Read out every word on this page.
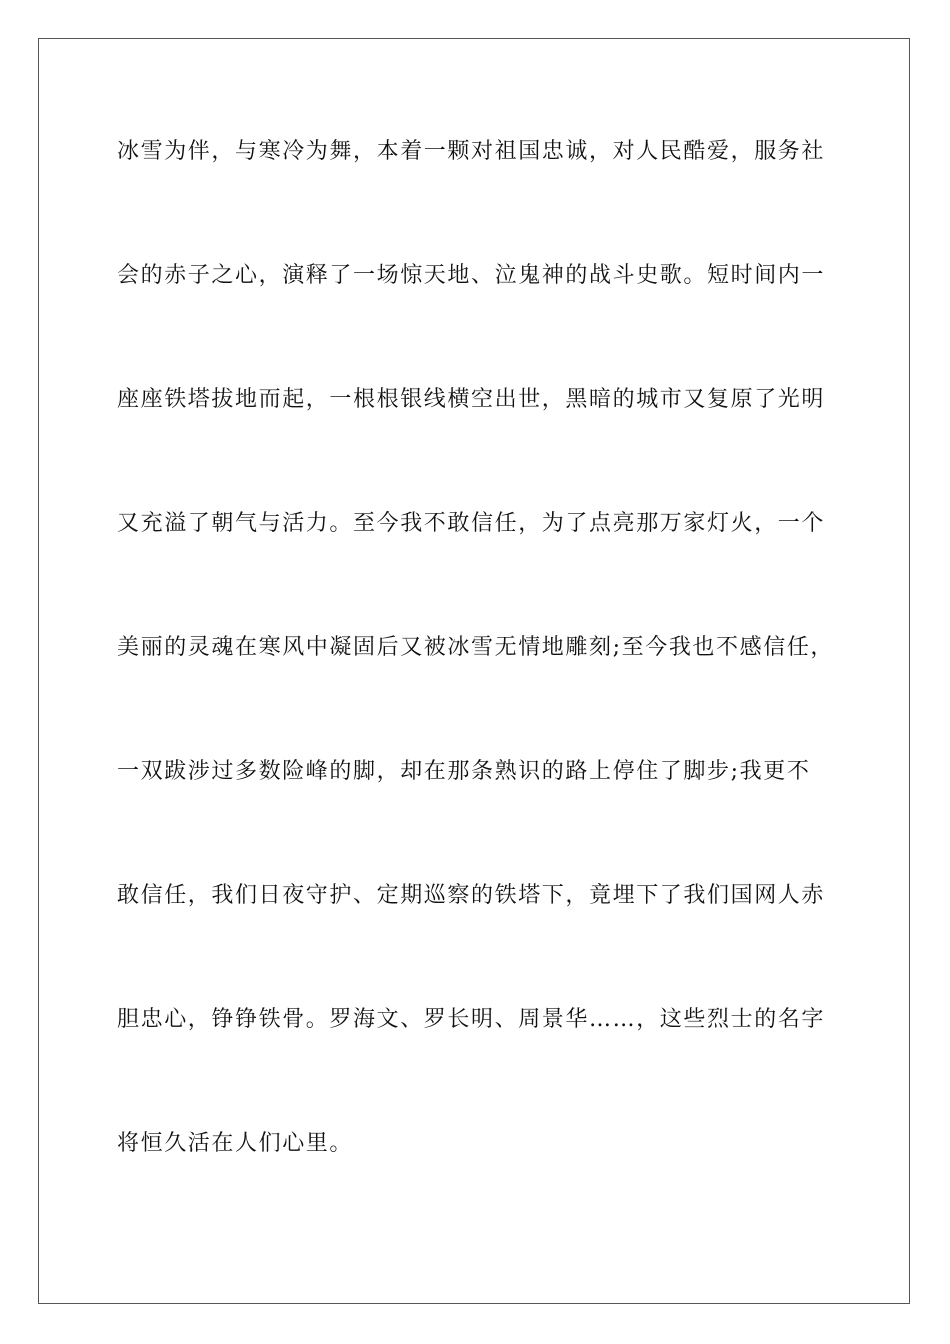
冰雪为伴，与寒冷为舞，本着一颗对祖国忠诚，对人民酷爱，服务社
会的赤子之心，演释了一场惊天地、泣鬼神的战斗史歌。短时间内一
座座铁塔拔地而起，一根根银线横空出世，黑暗的城市又复原了光明
又充溢了朝气与活力。至今我不敢信任，为了点亮那万家灯火，一个
美丽的灵魂在寒风中凝固后又被冰雪无情地雕刻;至今我也不感信任，
一双跋涉过多数险峰的脚，却在那条熟识的路上停住了脚步;我更不
敢信任，我们日夜守护、定期巡察的铁塔下，竟埋下了我们国网人赤
胆忠心，铮铮铁骨。罗海文、罗长明、周景华……，这些烈士的名字
将恒久活在人们心里。
